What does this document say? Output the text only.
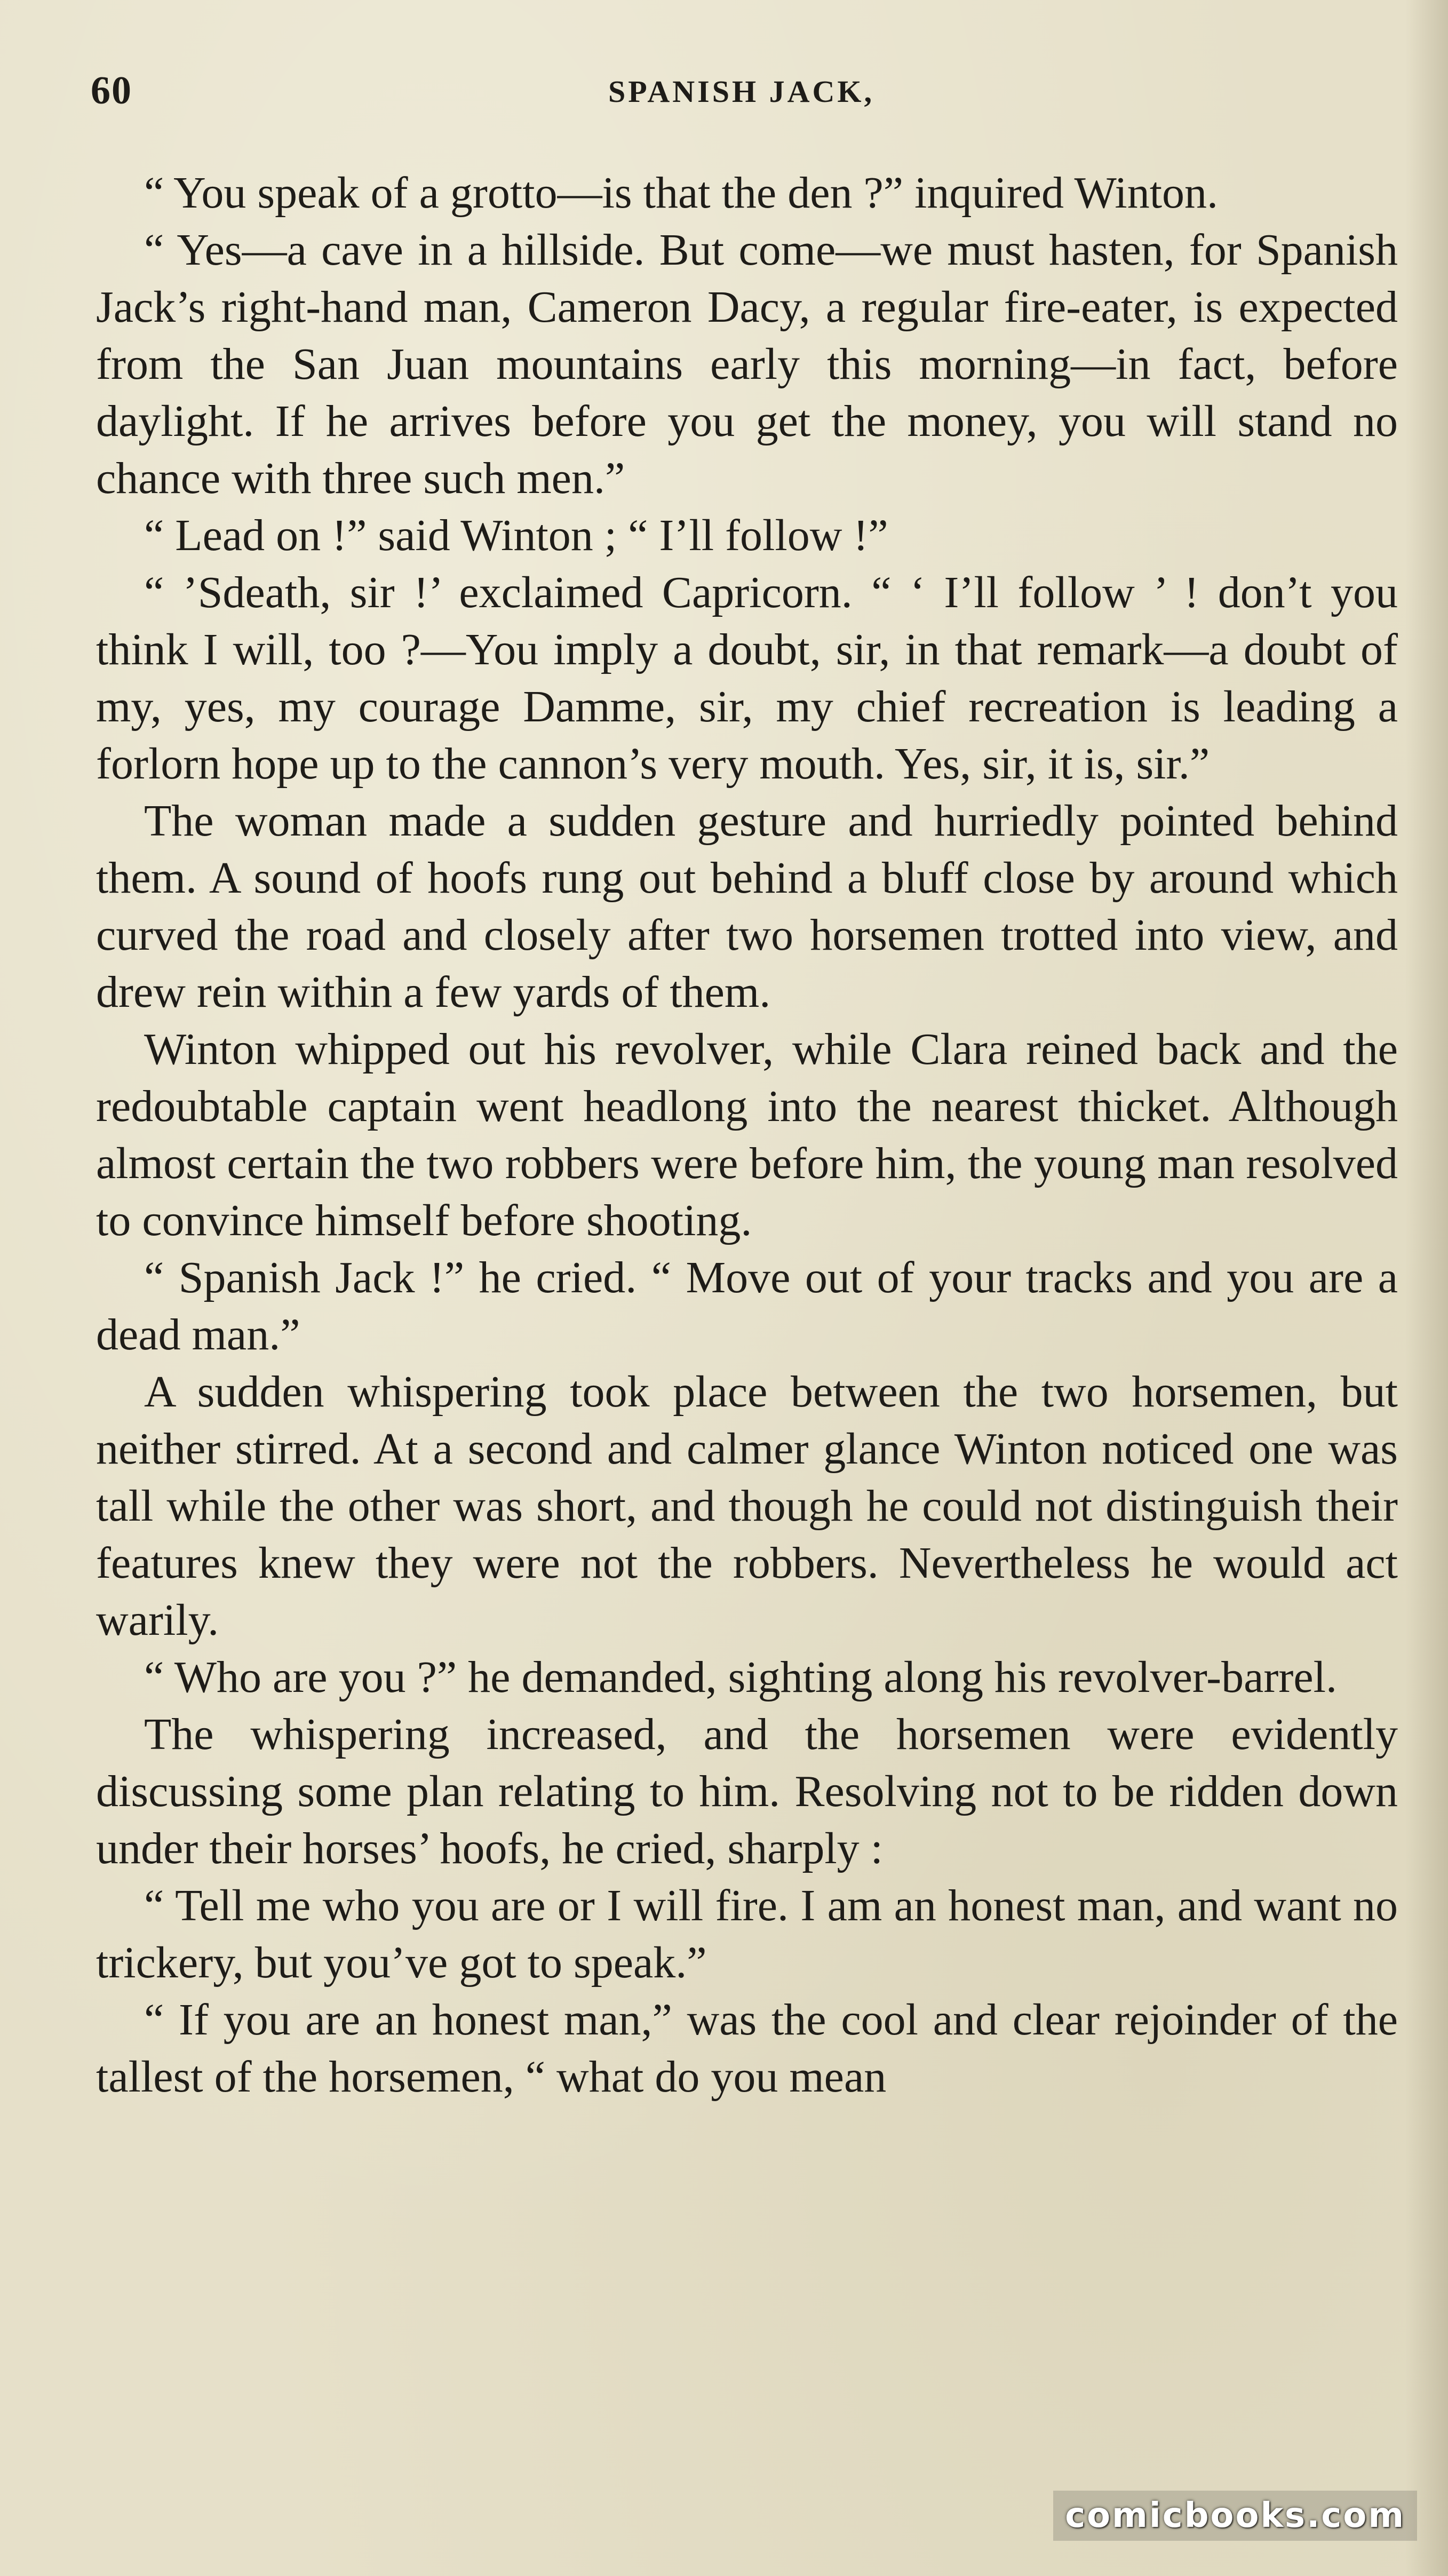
60	SPANISH JACK,

“ You speak of a grotto—is that the den ?” inquired Winton.

“ Yes—a cave in a hillside. But come—we must hasten, for Spanish Jack’s right-hand man, Cameron Dacy, a regular fire-eater, is expected from the San Juan mountains early this morning—in fact, before daylight. If he arrives before you get the money, you will stand no chance with three such men.”

“ Lead on !” said Winton ; “ I’ll follow !”

“ ’Sdeath, sir !’ exclaimed Capricorn. “ ‘ I’ll follow ’ ! don’t you think I will, too ?—You imply a doubt, sir, in that remark—a doubt of my, yes, my courage Damme, sir, my chief recreation is leading a forlorn hope up to the cannon’s very mouth. Yes, sir, it is, sir.”

The woman made a sudden gesture and hurriedly pointed behind them. A sound of hoofs rung out behind a bluff close by around which curved the road and closely after two horsemen trotted into view, and drew rein within a few yards of them.

Winton whipped out his revolver, while Clara reined back and the redoubtable captain went headlong into the nearest thicket. Although almost certain the two robbers were before him, the young man resolved to convince himself before shooting.

“ Spanish Jack !” he cried. “ Move out of your tracks and you are a dead man.”

A sudden whispering took place between the two horsemen, but neither stirred. At a second and calmer glance Winton noticed one was tall while the other was short, and though he could not distinguish their features knew they were not the robbers. Nevertheless he would act warily.

“ Who are you ?” he demanded, sighting along his revolver-barrel.

The whispering increased, and the horsemen were evidently discussing some plan relating to him. Resolving not to be ridden down under their horses’ hoofs, he cried, sharply :

“ Tell me who you are or I will fire. I am an honest man, and want no trickery, but you’ve got to speak.”

“ If you are an honest man,” was the cool and clear rejoinder of the tallest of the horsemen, “ what do you mean

comicbooks.com
